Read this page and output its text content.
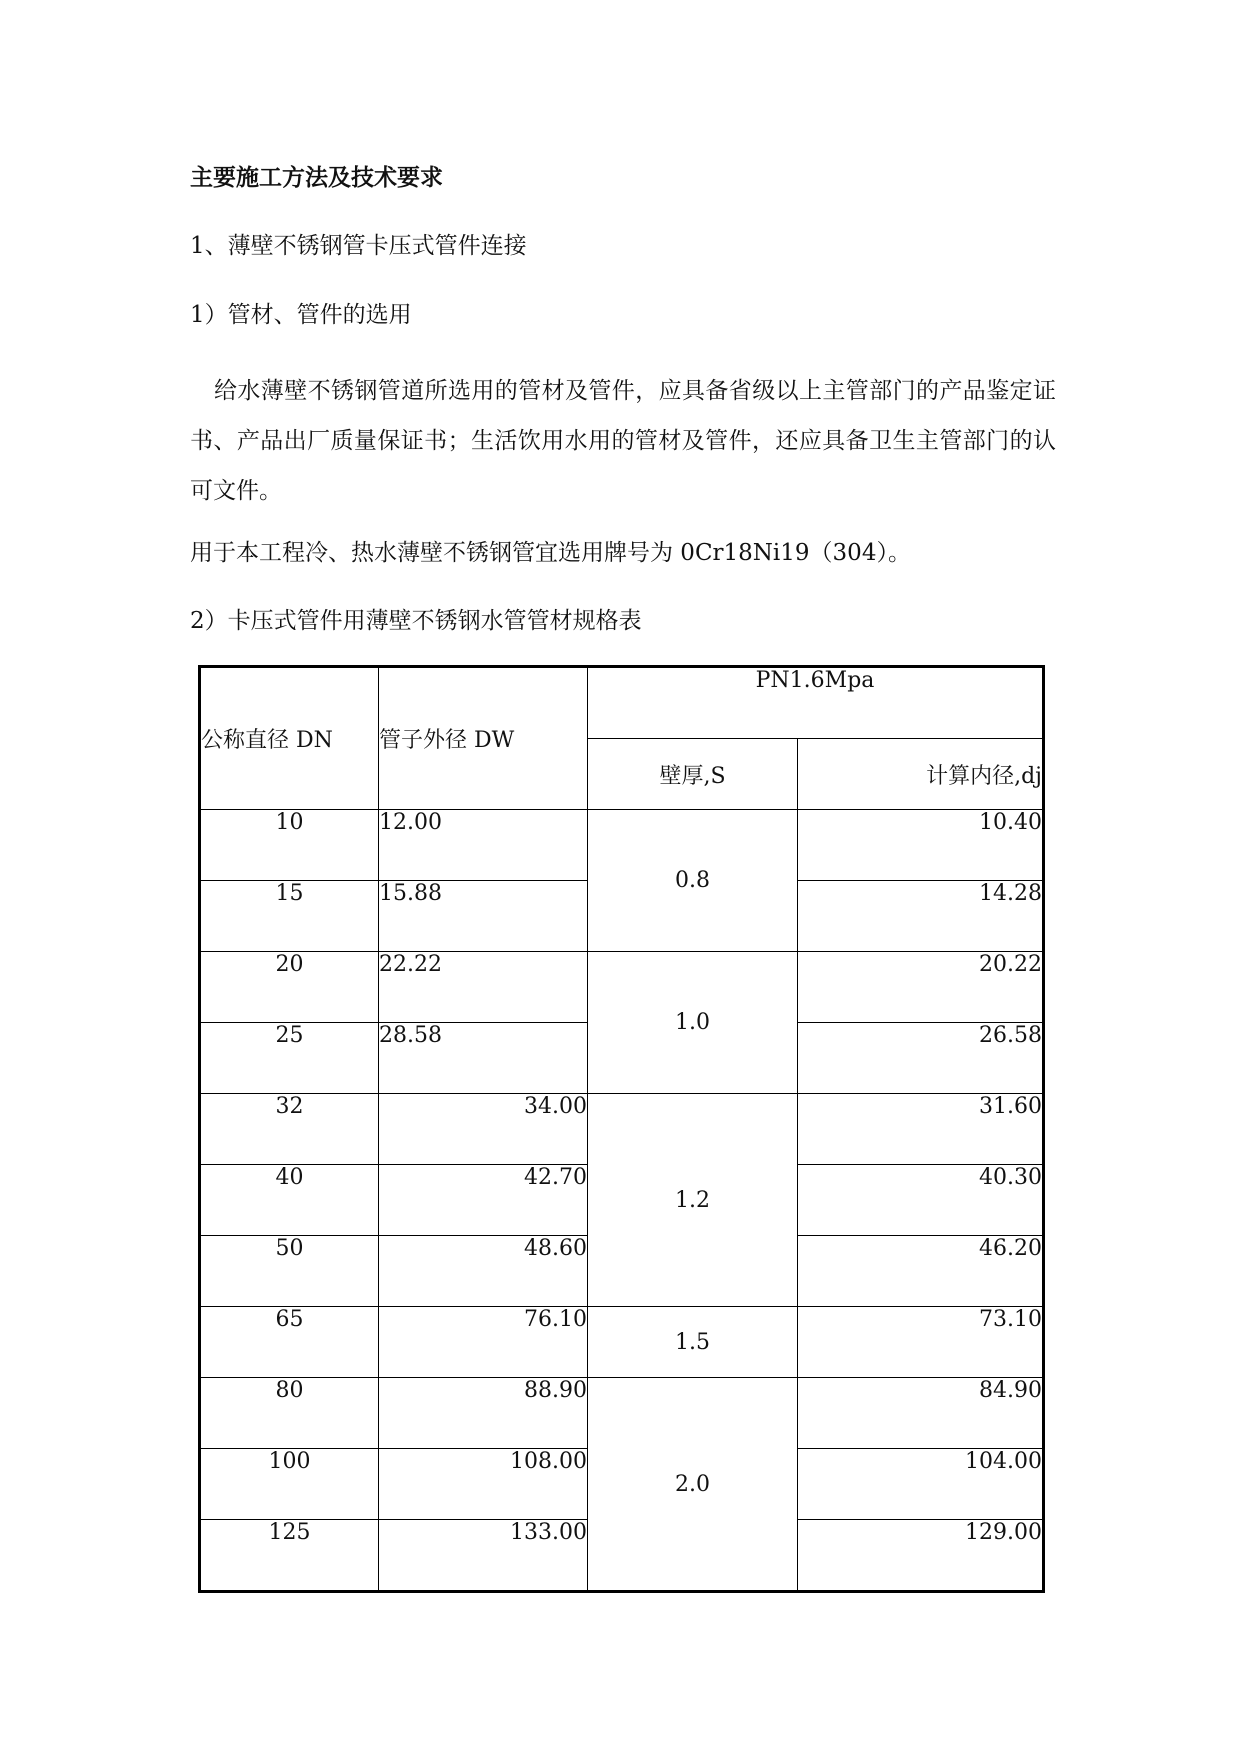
主要施工方法及技术要求
1、薄壁不锈钢管卡压式管件连接
1）管材、管件的选用
给水薄壁不锈钢管道所选用的管材及管件，应具备省级以上主管部门的产品鉴定证书、产品出厂质量保证书；生活饮用水用的管材及管件，还应具备卫生主管部门的认可文件。
用于本工程冷、热水薄壁不锈钢管宜选用牌号为 0Cr18Ni19（304）。
2）卡压式管件用薄壁不锈钢水管管材规格表
公称直径 DN	管子外径 DW	PN1.6Mpa	
		壁厚,S	计算内径,dj
10	12.00	0.8	10.40
15	15.88		14.28
20	22.22	1.0	20.22
25	28.58		26.58
32	34.00	1.2	31.60
40	42.70		40.30
50	48.60		46.20
65	76.10	1.5	73.10
80	88.90	2.0	84.90
100	108.00		104.00
125	133.00		129.00
